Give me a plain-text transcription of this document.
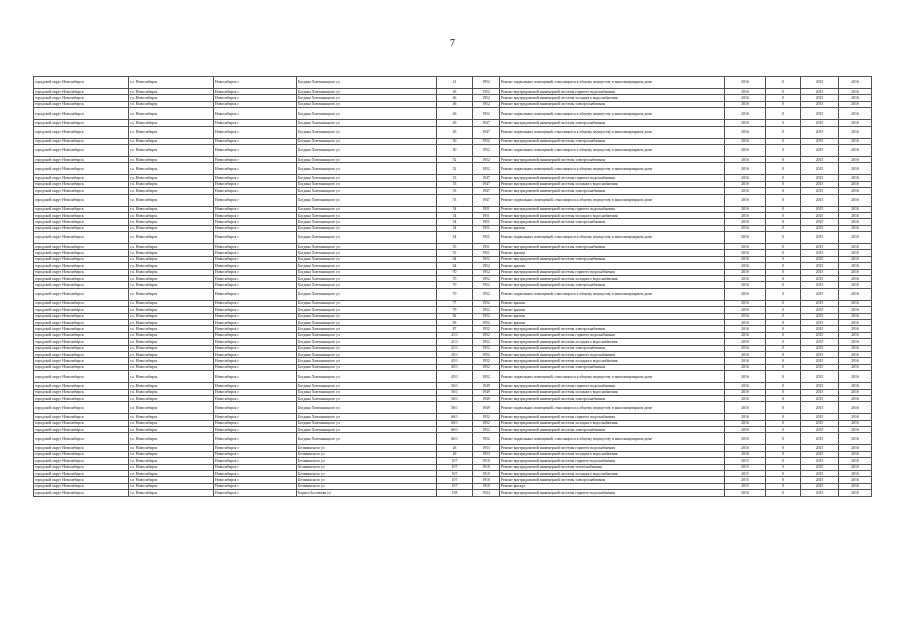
7
городской округ Новосибирск	г.о. Новосибирск	Новосибирск г	Богдана Хмельницкого ул	41	1952	Ремонт подвальных помещений, относящихся к общему имуществу в многоквартирном доме	2016	0	2015	2016
городской округ Новосибирск	г.о. Новосибирск	Новосибирск г	Богдана Хмельницкого ул	46	1952	Ремонт внутридомовой инженерной системы горячего водоснабжения	2016	0	2015	2016
городской округ Новосибирск	г.о. Новосибирск	Новосибирск г	Богдана Хмельницкого ул	46	1952	Ремонт внутридомовой инженерной системы холодного водоснабжения	2016	0	2015	2016
городской округ Новосибирск	г.о. Новосибирск	Новосибирск г	Богдана Хмельницкого ул	46	1952	Ремонт внутридомовой инженерной системы электроснабжения	2016	0	2015	2016
городской округ Новосибирск	г.о. Новосибирск	Новосибирск г	Богдана Хмельницкого ул	46	1952	Ремонт подвальных помещений, относящихся к общему имуществу в многоквартирном доме	2016	0	2015	2016
городской округ Новосибирск	г.о. Новосибирск	Новосибирск г	Богдана Хмельницкого ул	49	1947	Ремонт внутридомовой инженерной системы электроснабжения	2016	0	2015	2016
городской округ Новосибирск	г.о. Новосибирск	Новосибирск г	Богдана Хмельницкого ул	49	1947	Ремонт подвальных помещений, относящихся к общему имуществу в многоквартирном доме	2016	0	2015	2016
городской округ Новосибирск	г.о. Новосибирск	Новосибирск г	Богдана Хмельницкого ул	50	1952	Ремонт внутридомовой инженерной системы электроснабжения	2016	0	2015	2016
городской округ Новосибирск	г.о. Новосибирск	Новосибирск г	Богдана Хмельницкого ул	50	1952	Ремонт подвальных помещений, относящихся к общему имуществу в многоквартирном доме	2016	0	2015	2016
городской округ Новосибирск	г.о. Новосибирск	Новосибирск г	Богдана Хмельницкого ул	52	1952	Ремонт внутридомовой инженерной системы электроснабжения	2016	0	2015	2016
городской округ Новосибирск	г.о. Новосибирск	Новосибирск г	Богдана Хмельницкого ул	52	1952	Ремонт подвальных помещений, относящихся к общему имуществу в многоквартирном доме	2016	0	2015	2016
городской округ Новосибирск	г.о. Новосибирск	Новосибирск г	Богдана Хмельницкого ул	53	1947	Ремонт внутридомовой инженерной системы горячего водоснабжения	2016	0	2015	2016
городской округ Новосибирск	г.о. Новосибирск	Новосибирск г	Богдана Хмельницкого ул	53	1947	Ремонт внутридомовой инженерной системы холодного водоснабжения	2016	0	2015	2016
городской округ Новосибирск	г.о. Новосибирск	Новосибирск г	Богдана Хмельницкого ул	53	1947	Ремонт внутридомовой инженерной системы электроснабжения	2016	0	2015	2016
городской округ Новосибирск	г.о. Новосибирск	Новосибирск г	Богдана Хмельницкого ул	53	1947	Ремонт подвальных помещений, относящихся к общему имуществу в многоквартирном доме	2016	0	2015	2016
городской округ Новосибирск	г.о. Новосибирск	Новосибирск г	Богдана Хмельницкого ул	54	1951	Ремонт внутридомовой инженерной системы горячего водоснабжения	2016	0	2015	2016
городской округ Новосибирск	г.о. Новосибирск	Новосибирск г	Богдана Хмельницкого ул	54	1951	Ремонт внутридомовой инженерной системы холодного водоснабжения	2016	0	2015	2016
городской округ Новосибирск	г.о. Новосибирск	Новосибирск г	Богдана Хмельницкого ул	54	1951	Ремонт внутридомовой инженерной системы электроснабжения	2016	0	2015	2016
городской округ Новосибирск	г.о. Новосибирск	Новосибирск г	Богдана Хмельницкого ул	54	1951	Ремонт крыши	2016	0	2015	2016
городской округ Новосибирск	г.о. Новосибирск	Новосибирск г	Богдана Хмельницкого ул	54	1951	Ремонт подвальных помещений, относящихся к общему имуществу в многоквартирном доме	2016	0	2015	2016
городской округ Новосибирск	г.о. Новосибирск	Новосибирск г	Богдана Хмельницкого ул	55	1951	Ремонт внутридомовой инженерной системы электроснабжения	2016	0	2015	2016
городской округ Новосибирск	г.о. Новосибирск	Новосибирск г	Богдана Хмельницкого ул	55	1951	Ремонт крыши	2016	0	2015	2016
городской округ Новосибирск	г.о. Новосибирск	Новосибирск г	Богдана Хмельницкого ул	64	1952	Ремонт внутридомовой инженерной системы электроснабжения	2016	0	2015	2016
городской округ Новосибирск	г.о. Новосибирск	Новосибирск г	Богдана Хмельницкого ул	64	1952	Ремонт крыши	2016	0	2015	2016
городской округ Новосибирск	г.о. Новосибирск	Новосибирск г	Богдана Хмельницкого ул	70	1952	Ремонт внутридомовой инженерной системы горячего водоснабжения	2016	0	2015	2016
городской округ Новосибирск	г.о. Новосибирск	Новосибирск г	Богдана Хмельницкого ул	70	1952	Ремонт внутридомовой инженерной системы холодного водоснабжения	2016	0	2015	2016
городской округ Новосибирск	г.о. Новосибирск	Новосибирск г	Богдана Хмельницкого ул	70	1952	Ремонт внутридомовой инженерной системы электроснабжения	2016	0	2015	2016
городской округ Новосибирск	г.о. Новосибирск	Новосибирск г	Богдана Хмельницкого ул	70	1952	Ремонт подвальных помещений, относящихся к общему имуществу в многоквартирном доме	2016	0	2015	2016
городской округ Новосибирск	г.о. Новосибирск	Новосибирск г	Богдана Хмельницкого ул	77	1952	Ремонт крыши	2016	0	2015	2016
городской округ Новосибирск	г.о. Новосибирск	Новосибирск г	Богдана Хмельницкого ул	79	1952	Ремонт крыши	2016	0	2015	2016
городской округ Новосибирск	г.о. Новосибирск	Новосибирск г	Богдана Хмельницкого ул	82	1952	Ремонт крыши	2016	0	2015	2016
городской округ Новосибирск	г.о. Новосибирск	Новосибирск г	Богдана Хмельницкого ул	83	1952	Ремонт крыши	2016	0	2015	2016
городской округ Новосибирск	г.о. Новосибирск	Новосибирск г	Богдана Хмельницкого ул	87	1952	Ремонт внутридомовой инженерной системы электроснабжения	2016	0	2015	2016
городской округ Новосибирск	г.о. Новосибирск	Новосибирск г	Богдана Хмельницкого ул	41/1	1952	Ремонт внутридомовой инженерной системы горячего водоснабжения	2016	0	2015	2016
городской округ Новосибирск	г.о. Новосибирск	Новосибирск г	Богдана Хмельницкого ул	41/1	1952	Ремонт внутридомовой инженерной системы холодного водоснабжения	2016	0	2015	2016
городской округ Новосибирск	г.о. Новосибирск	Новосибирск г	Богдана Хмельницкого ул	41/1	1952	Ремонт внутридомовой инженерной системы электроснабжения	2016	0	2015	2016
городской округ Новосибирск	г.о. Новосибирск	Новосибирск г	Богдана Хмельницкого ул	45/1	1952	Ремонт внутридомовой инженерной системы горячего водоснабжения	2016	0	2015	2016
городской округ Новосибирск	г.о. Новосибирск	Новосибирск г	Богдана Хмельницкого ул	45/1	1952	Ремонт внутридомовой инженерной системы холодного водоснабжения	2016	0	2015	2016
городской округ Новосибирск	г.о. Новосибирск	Новосибирск г	Богдана Хмельницкого ул	45/1	1952	Ремонт внутридомовой инженерной системы электроснабжения	2016	0	2015	2016
городской округ Новосибирск	г.о. Новосибирск	Новосибирск г	Богдана Хмельницкого ул	45/1	1952	Ремонт подвальных помещений, относящихся к общему имуществу в многоквартирном доме	2016	0	2015	2016
городской округ Новосибирск	г.о. Новосибирск	Новосибирск г	Богдана Хмельницкого ул	56/1	1949	Ремонт внутридомовой инженерной системы горячего водоснабжения	2016	0	2015	2016
городской округ Новосибирск	г.о. Новосибирск	Новосибирск г	Богдана Хмельницкого ул	56/1	1949	Ремонт внутридомовой инженерной системы холодного водоснабжения	2016	0	2015	2016
городской округ Новосибирск	г.о. Новосибирск	Новосибирск г	Богдана Хмельницкого ул	56/1	1949	Ремонт внутридомовой инженерной системы электроснабжения	2016	0	2015	2016
городской округ Новосибирск	г.о. Новосибирск	Новосибирск г	Богдана Хмельницкого ул	56/1	1949	Ремонт подвальных помещений, относящихся к общему имуществу в многоквартирном доме	2016	0	2015	2016
городской округ Новосибирск	г.о. Новосибирск	Новосибирск г	Богдана Хмельницкого ул	66/1	1952	Ремонт внутридомовой инженерной системы горячего водоснабжения	2016	0	2015	2016
городской округ Новосибирск	г.о. Новосибирск	Новосибирск г	Богдана Хмельницкого ул	66/1	1952	Ремонт внутридомовой инженерной системы холодного водоснабжения	2016	0	2015	2016
городской округ Новосибирск	г.о. Новосибирск	Новосибирск г	Богдана Хмельницкого ул	66/1	1952	Ремонт внутридомовой инженерной системы электроснабжения	2016	0	2015	2016
городской округ Новосибирск	г.о. Новосибирск	Новосибирск г	Богдана Хмельницкого ул	66/1	1952	Ремонт подвальных помещений, относящихся к общему имуществу в многоквартирном доме	2016	0	2015	2016
городской округ Новосибирск	г.о. Новосибирск	Новосибирск г	Бельвинского ул	26	1953	Ремонт внутридомовой инженерной системы горячего водоснабжения	2016	0	2015	2016
городской округ Новосибирск	г.о. Новосибирск	Новосибирск г	Бельвинского ул	26	1953	Ремонт внутридомовой инженерной системы холодного водоснабжения	2016	0	2015	2016
городской округ Новосибирск	г.о. Новосибирск	Новосибирск г	Бельвинского ул	107	1910	Ремонт внутридомовой инженерной системы горячего водоснабжения	2015	0	2015	2016
городской округ Новосибирск	г.о. Новосибирск	Новосибирск г	Бельвинского ул	107	1910	Ремонт внутридомовой инженерной системы теплоснабжения	2015	0	2015	2016
городской округ Новосибирск	г.о. Новосибирск	Новосибирск г	Бельвинского ул	107	1910	Ремонт внутридомовой инженерной системы холодного водоснабжения	2015	0	2015	2016
городской округ Новосибирск	г.о. Новосибирск	Новосибирск г	Бельвинского ул	107	1910	Ремонт внутридомовой инженерной системы электроснабжения	2015	0	2015	2016
городской округ Новосибирск	г.о. Новосибирск	Новосибирск г	Бельвинского ул	107	1910	Ремонт фасада	2015	0	2015	2016
городской округ Новосибирск	г.о. Новосибирск	Новосибирск г	Бориса Богаткова ул	158	1934	Ремонт внутридомовой инженерной системы горячего водоснабжения	2016	0	2015	2016
